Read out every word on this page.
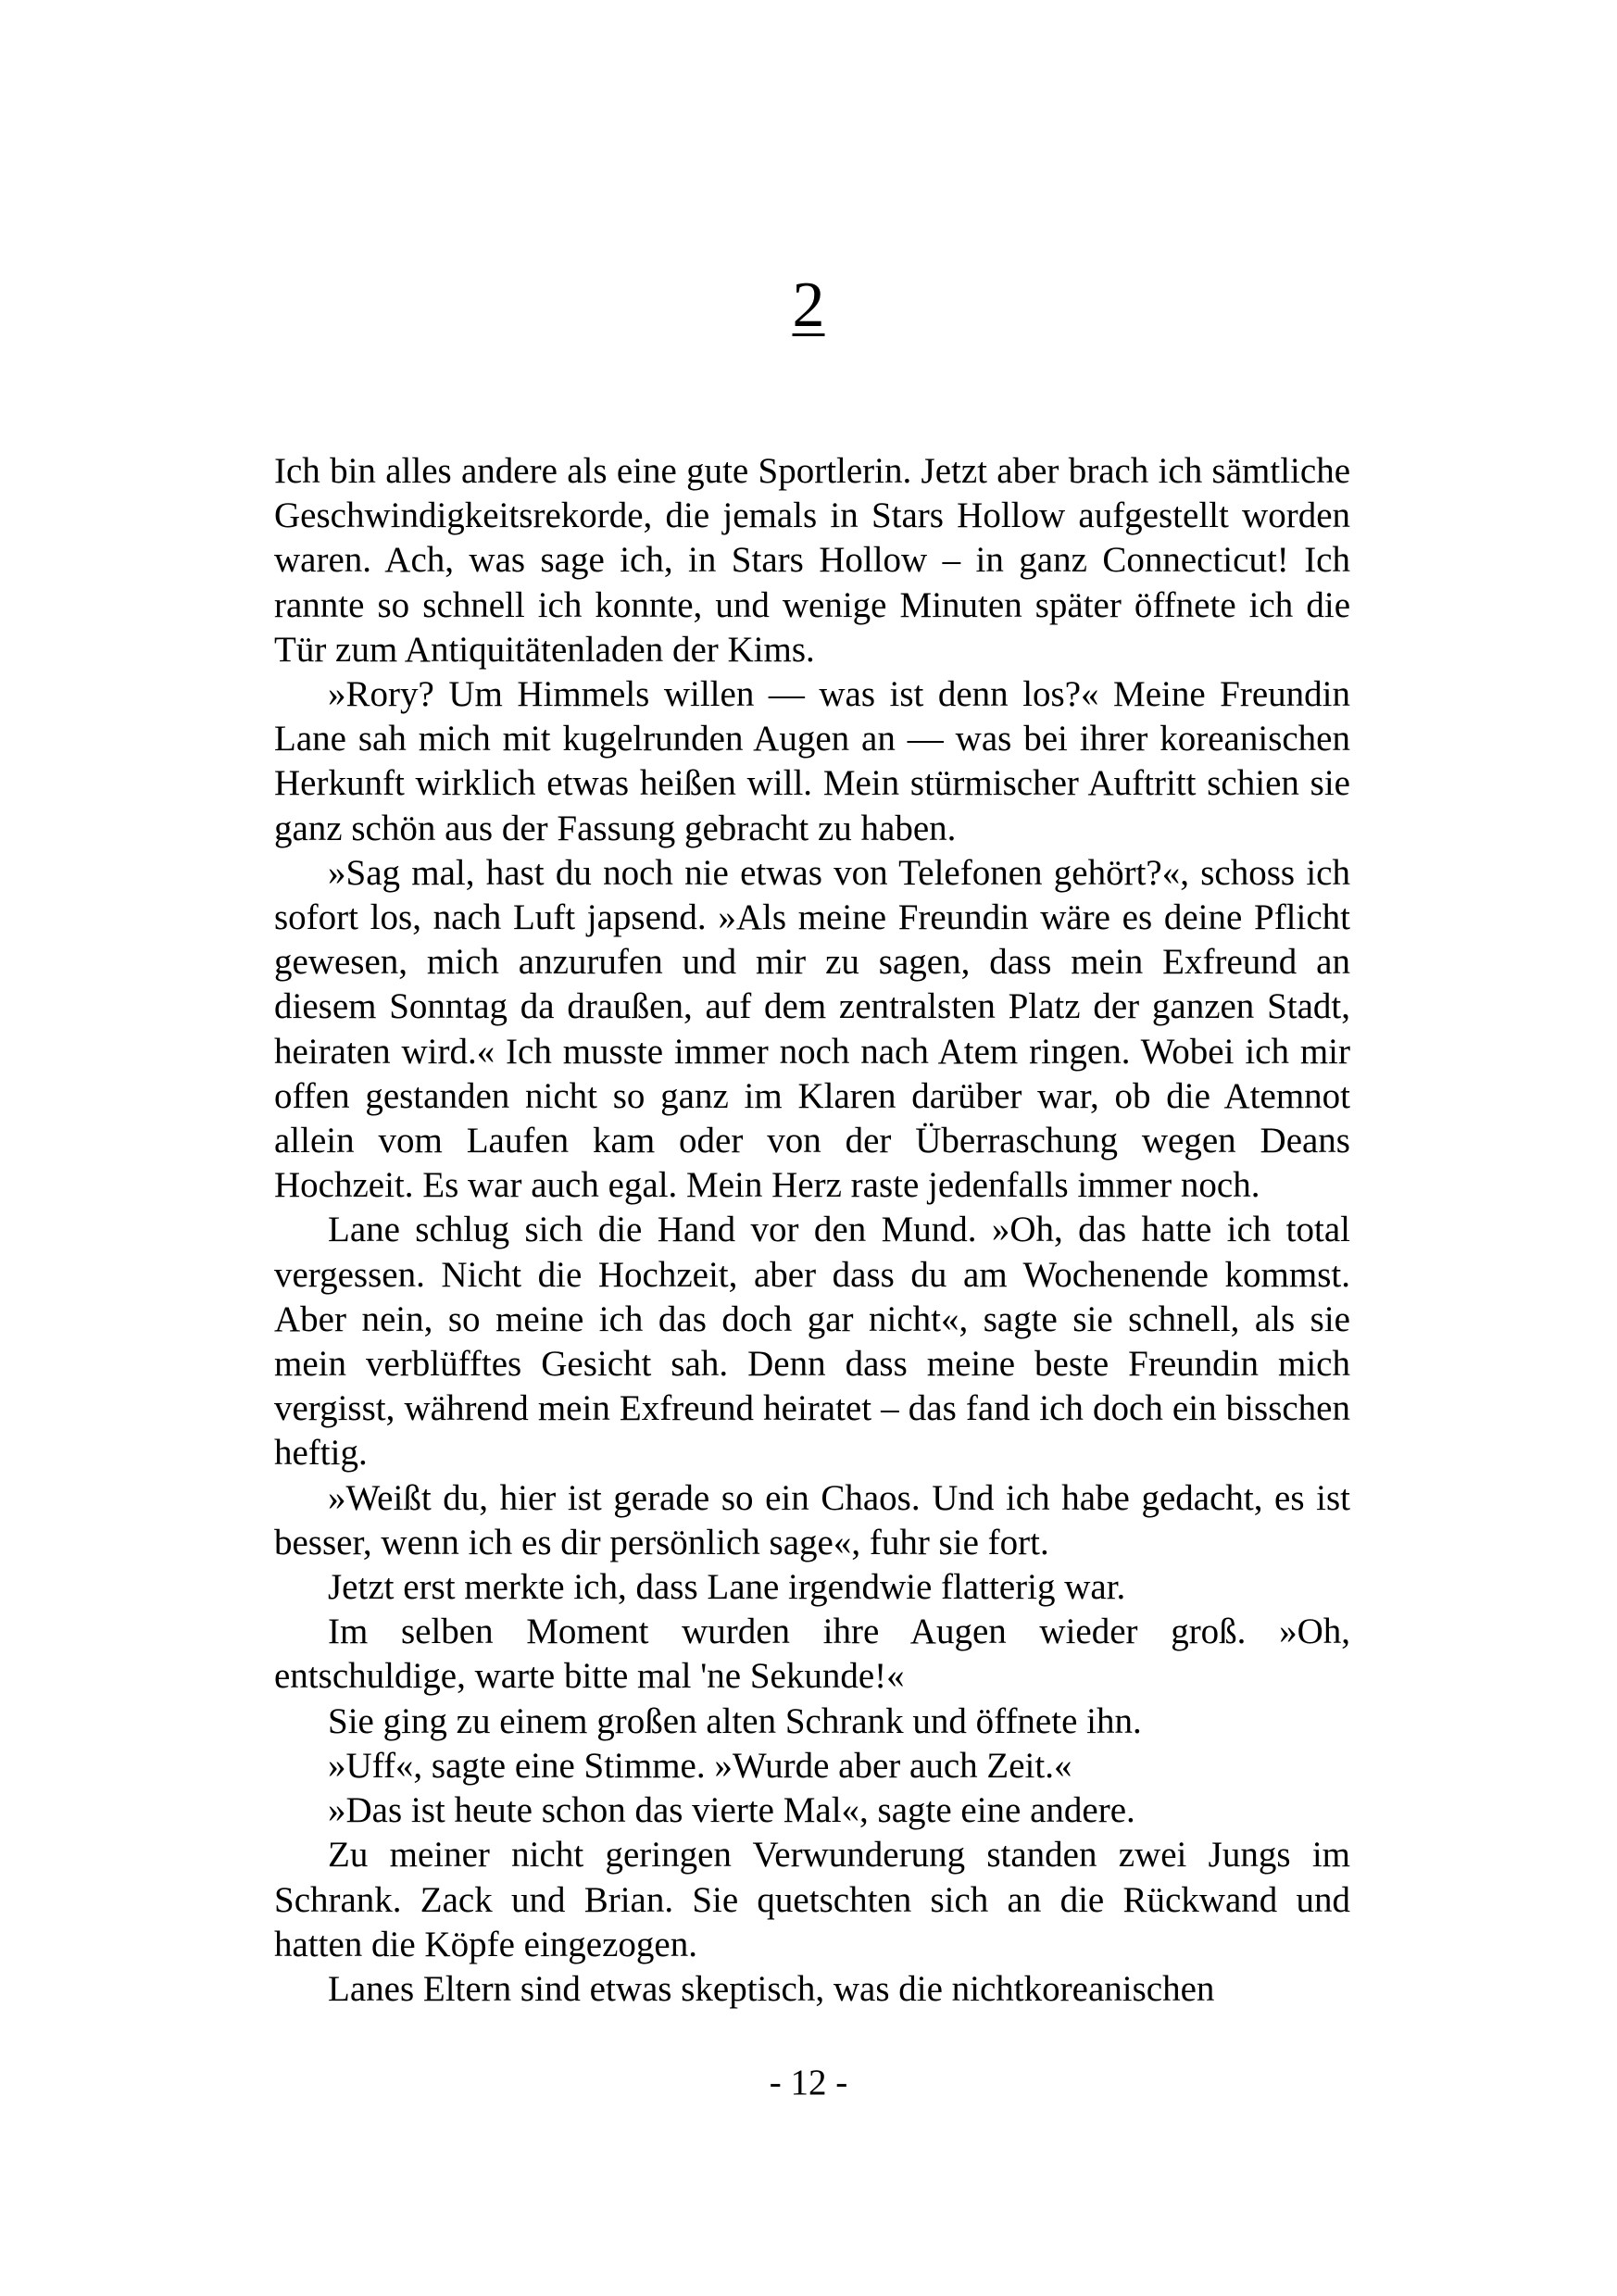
2

Ich bin alles andere als eine gute Sportlerin. Jetzt aber brach ich sämtliche Geschwindigkeitsrekorde, die jemals in Stars Hollow aufgestellt worden waren. Ach, was sage ich, in Stars Hollow – in ganz Connecticut! Ich rannte so schnell ich konnte, und wenige Minuten später öffnete ich die Tür zum Antiquitätenladen der Kims.

»Rory? Um Himmels willen — was ist denn los?« Meine Freundin Lane sah mich mit kugelrunden Augen an — was bei ihrer koreanischen Herkunft wirklich etwas heißen will. Mein stürmischer Auftritt schien sie ganz schön aus der Fassung gebracht zu haben.

»Sag mal, hast du noch nie etwas von Telefonen gehört?«, schoss ich sofort los, nach Luft japsend. »Als meine Freundin wäre es deine Pflicht gewesen, mich anzurufen und mir zu sagen, dass mein Exfreund an diesem Sonntag da draußen, auf dem zentralsten Platz der ganzen Stadt, heiraten wird.« Ich musste immer noch nach Atem ringen. Wobei ich mir offen gestanden nicht so ganz im Klaren darüber war, ob die Atemnot allein vom Laufen kam oder von der Überraschung wegen Deans Hochzeit. Es war auch egal. Mein Herz raste jedenfalls immer noch.

Lane schlug sich die Hand vor den Mund. »Oh, das hatte ich total vergessen. Nicht die Hochzeit, aber dass du am Wochenende kommst. Aber nein, so meine ich das doch gar nicht«, sagte sie schnell, als sie mein verblüfftes Gesicht sah. Denn dass meine beste Freundin mich vergisst, während mein Exfreund heiratet – das fand ich doch ein bisschen heftig.

»Weißt du, hier ist gerade so ein Chaos. Und ich habe gedacht, es ist besser, wenn ich es dir persönlich sage«, fuhr sie fort.

Jetzt erst merkte ich, dass Lane irgendwie flatterig war.

Im selben Moment wurden ihre Augen wieder groß. »Oh, entschuldige, warte bitte mal 'ne Sekunde!«

Sie ging zu einem großen alten Schrank und öffnete ihn.

»Uff«, sagte eine Stimme. »Wurde aber auch Zeit.«

»Das ist heute schon das vierte Mal«, sagte eine andere.

Zu meiner nicht geringen Verwunderung standen zwei Jungs im Schrank. Zack und Brian. Sie quetschten sich an die Rückwand und hatten die Köpfe eingezogen.

Lanes Eltern sind etwas skeptisch, was die nichtkoreanischen

- 12 -
